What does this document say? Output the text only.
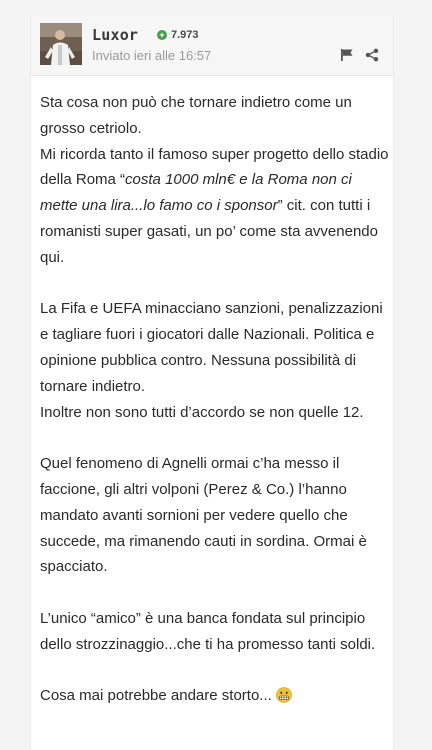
Luxor + 7.973
Inviato ieri alle 16:57

Sta cosa non può che tornare indietro come un grosso cetriolo.
Mi ricorda tanto il famoso super progetto dello stadio della Roma “costa 1000 mln€ e la Roma non ci mette una lira...lo famo co i sponsor” cit. con tutti i romanisti super gasati, un po’ come sta avvenendo qui.

La Fifa e UEFA minacciano sanzioni, penalizzazioni e tagliare fuori i giocatori dalle Nazionali. Politica e opinione pubblica contro. Nessuna possibilità di tornare indietro.
Inoltre non sono tutti d’accordo se non quelle 12.

Quel fenomeno di Agnelli ormai c’ha messo il faccione, gli altri volponi (Perez & Co.) l’hanno mandato avanti sornioni per vedere quello che succede, ma rimanendo cauti in sordina. Ormai è spacciato.

L’unico “amico” è una banca fondata sul principio dello strozzinaggio...che ti ha promesso tanti soldi.

Cosa mai potrebbe andare storto...
